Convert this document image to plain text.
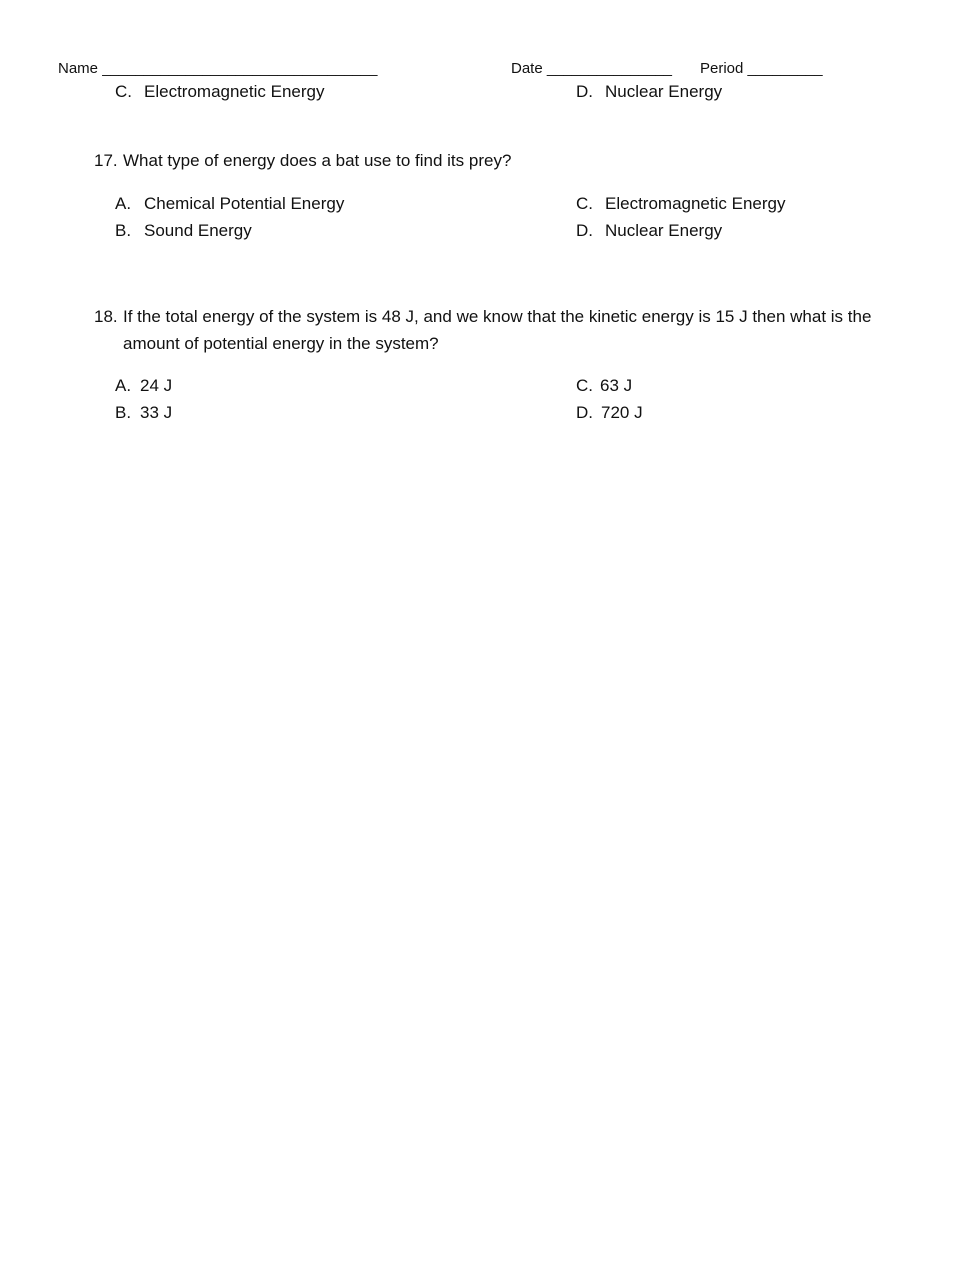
Name _________________________________	Date _______________ Period _________
C. Electromagnetic Energy	D. Nuclear Energy
17. What type of energy does a bat use to find its prey?
A. Chemical Potential Energy	C. Electromagnetic Energy
B. Sound Energy	D. Nuclear Energy
18. If the total energy of the system is 48 J, and we know that the kinetic energy is 15 J then what is the
amount of potential energy in the system?
A. 24 J	C. 63 J
B. 33 J	D. 720 J
